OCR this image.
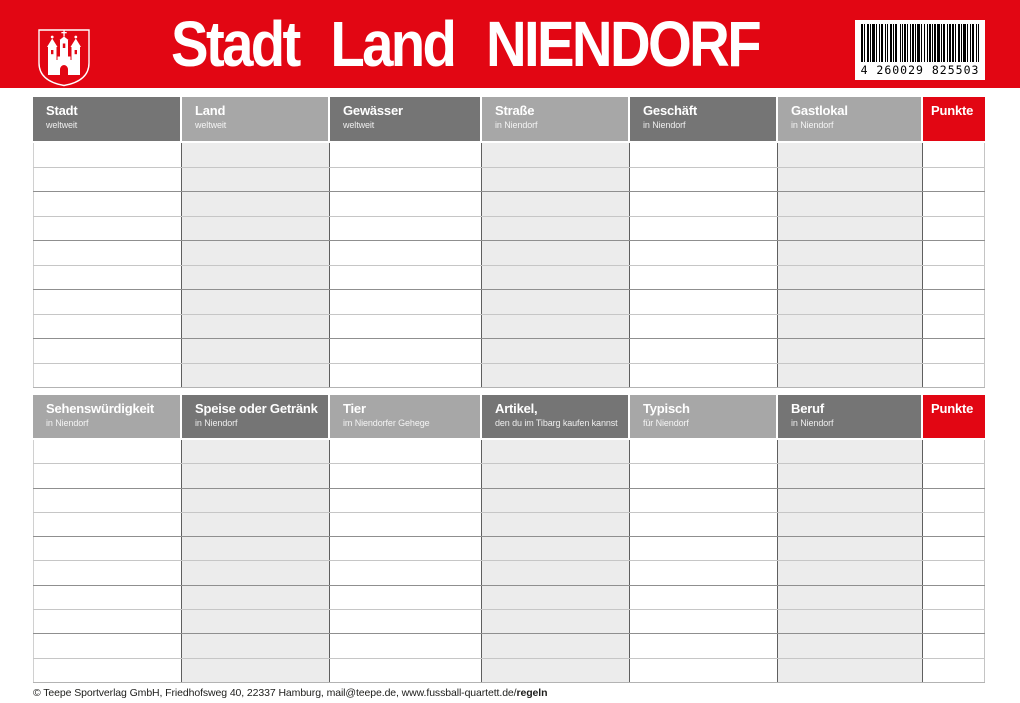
Stadt Land NIENDORF	4 260029 825503
Stadt
weltweit
Land
weltweit
Gewässer
weltweit
Straße
in Niendorf
Geschäft
in Niendorf
Gastlokal
in Niendorf
Punkte
Sehenswürdigkeit
in Niendorf
Speise oder Getränk
in Niendorf
Tier
im Niendorfer Gehege
Artikel,
den du im Tibarg kaufen kannst
Typisch
für Niendorf
Beruf
in Niendorf
Punkte
© Teepe Sportverlag GmbH, Friedhofsweg 40, 22337 Hamburg, mail@teepe.de, www.fussball-quartett.de/regeln
